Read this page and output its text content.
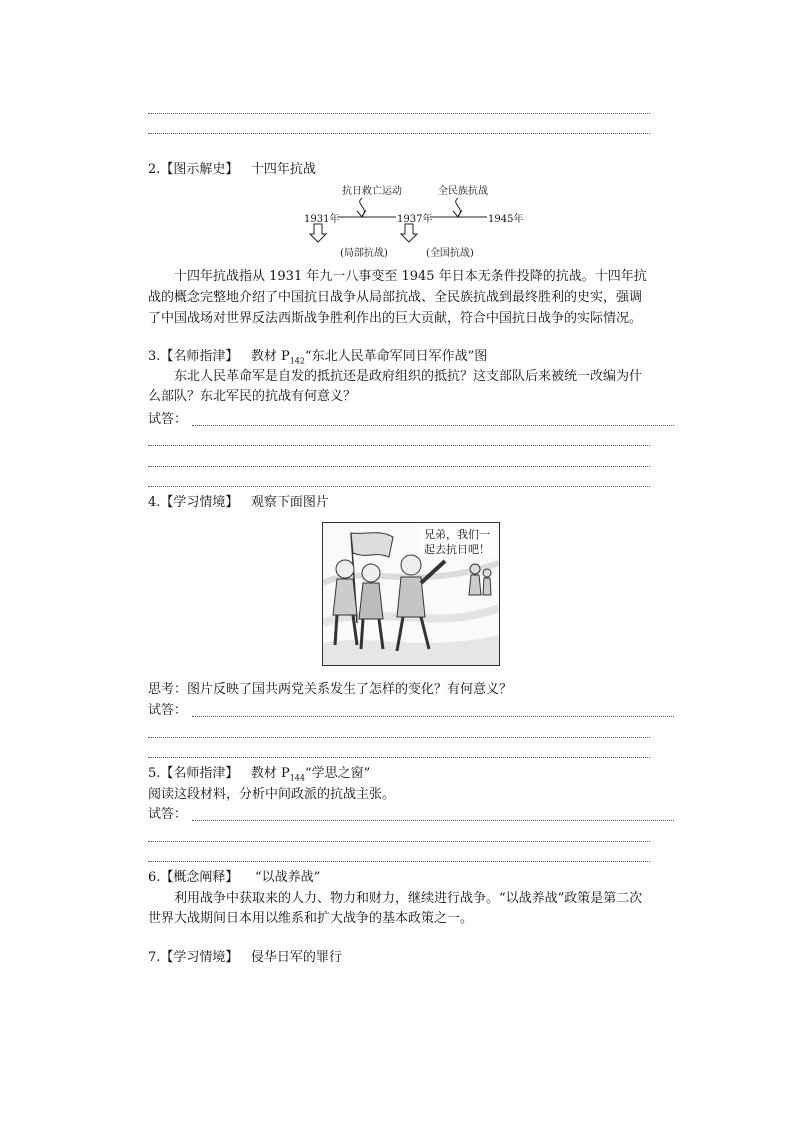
2.【图示解史】 十四年抗战
抗日救亡运动	全民族抗战
1931年	1937年	1945年
(局部抗战)	(全国抗战)
十四年抗战指从 1931 年九一八事变至 1945 年日本无条件投降的抗战。十四年抗战的概念完整地介绍了中国抗日战争从局部抗战、全民族抗战到最终胜利的史实，强调了中国战场对世界反法西斯战争胜利作出的巨大贡献，符合中国抗日战争的实际情况。
3.【名师指津】 教材 $P_{142}“$东北人民革命军同日军作战”图
东北人民革命军是自发的抵抗还是政府组织的抵抗？这支部队后来被统一改编为什么部队？东北军民的抗战有何意义？
试答：
4.【学习情境】 观察下面图片
兄弟，我们一起去抗日吧！
思考：图片反映了国共两党关系发生了怎样的变化？有何意义？
试答：
5.【名师指津】 教材 $P_{144}“$学思之窗”
阅读这段材料，分析中间政派的抗战主张。
试答：
6.【概念阐释】 “以战养战”
利用战争中获取来的人力、物力和财力，继续进行战争。“以战养战”政策是第二次世界大战期间日本用以维系和扩大战争的基本政策之一。
7.【学习情境】 侵华日军的罪行
